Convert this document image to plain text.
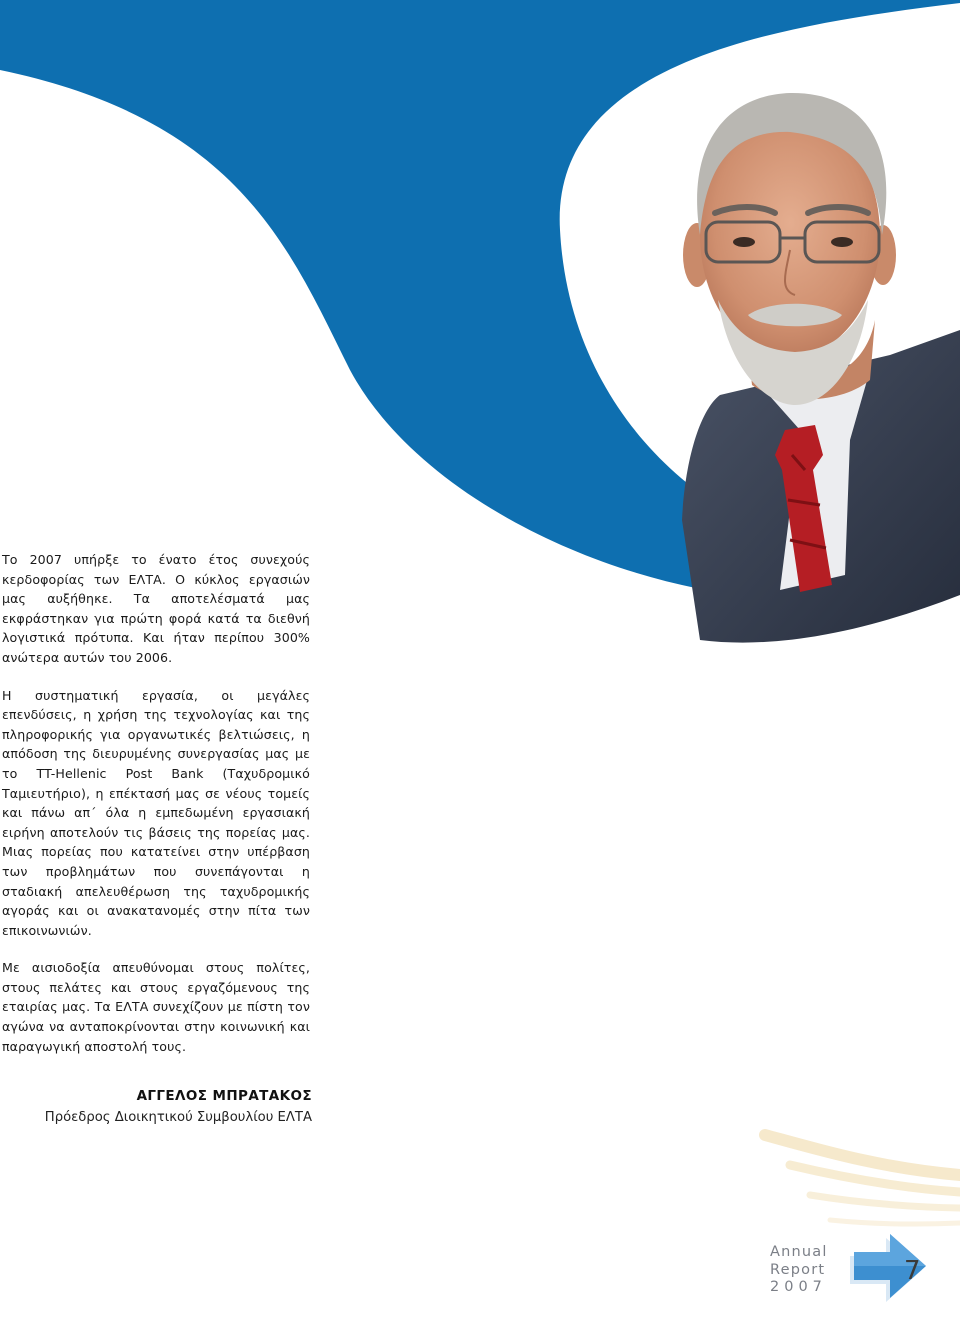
Το 2007 υπήρξε το ένατο έτος συνεχούς κερδοφορίας των ΕΛΤΑ. Ο κύκλος εργασιών μας αυξήθηκε. Τα αποτελέσματά μας εκφράστηκαν για πρώτη φορά κατά τα διεθνή λογιστικά πρότυπα. Και ήταν περίπου 300% ανώτερα αυτών του 2006.

Η συστηματική εργασία, οι μεγάλες επενδύσεις, η χρήση της τεχνολογίας και της πληροφορικής για οργανωτικές βελτιώσεις, η απόδοση της διευρυμένης συνεργασίας μας με το TT-Hellenic Post Bank (Ταχυδρομικό Ταμιευτήριο), η επέκτασή μας σε νέους τομείς και πάνω απ΄ όλα η εμπεδωμένη εργασιακή ειρήνη αποτελούν τις βάσεις της πορείας μας. Μιας πορείας που κατατείνει στην υπέρβαση των προβλημάτων που συνεπάγονται η σταδιακή απελευθέρωση της ταχυδρομικής αγοράς και οι ανακατανομές στην πίτα των επικοινωνιών.

Με αισιοδοξία απευθύνομαι στους πολίτες, στους πελάτες και στους εργαζόμενους της εταιρίας μας. Τα ΕΛΤΑ συνεχίζουν με πίστη τον αγώνα να ανταποκρίνονται στην κοινωνική και παραγωγική αποστολή τους.

ΑΓΓΕΛΟΣ ΜΠΡΑΤΑΚΟΣ
Πρόεδρος Διοικητικού Συμβουλίου ΕΛΤΑ
Annual
Report
2007
7
